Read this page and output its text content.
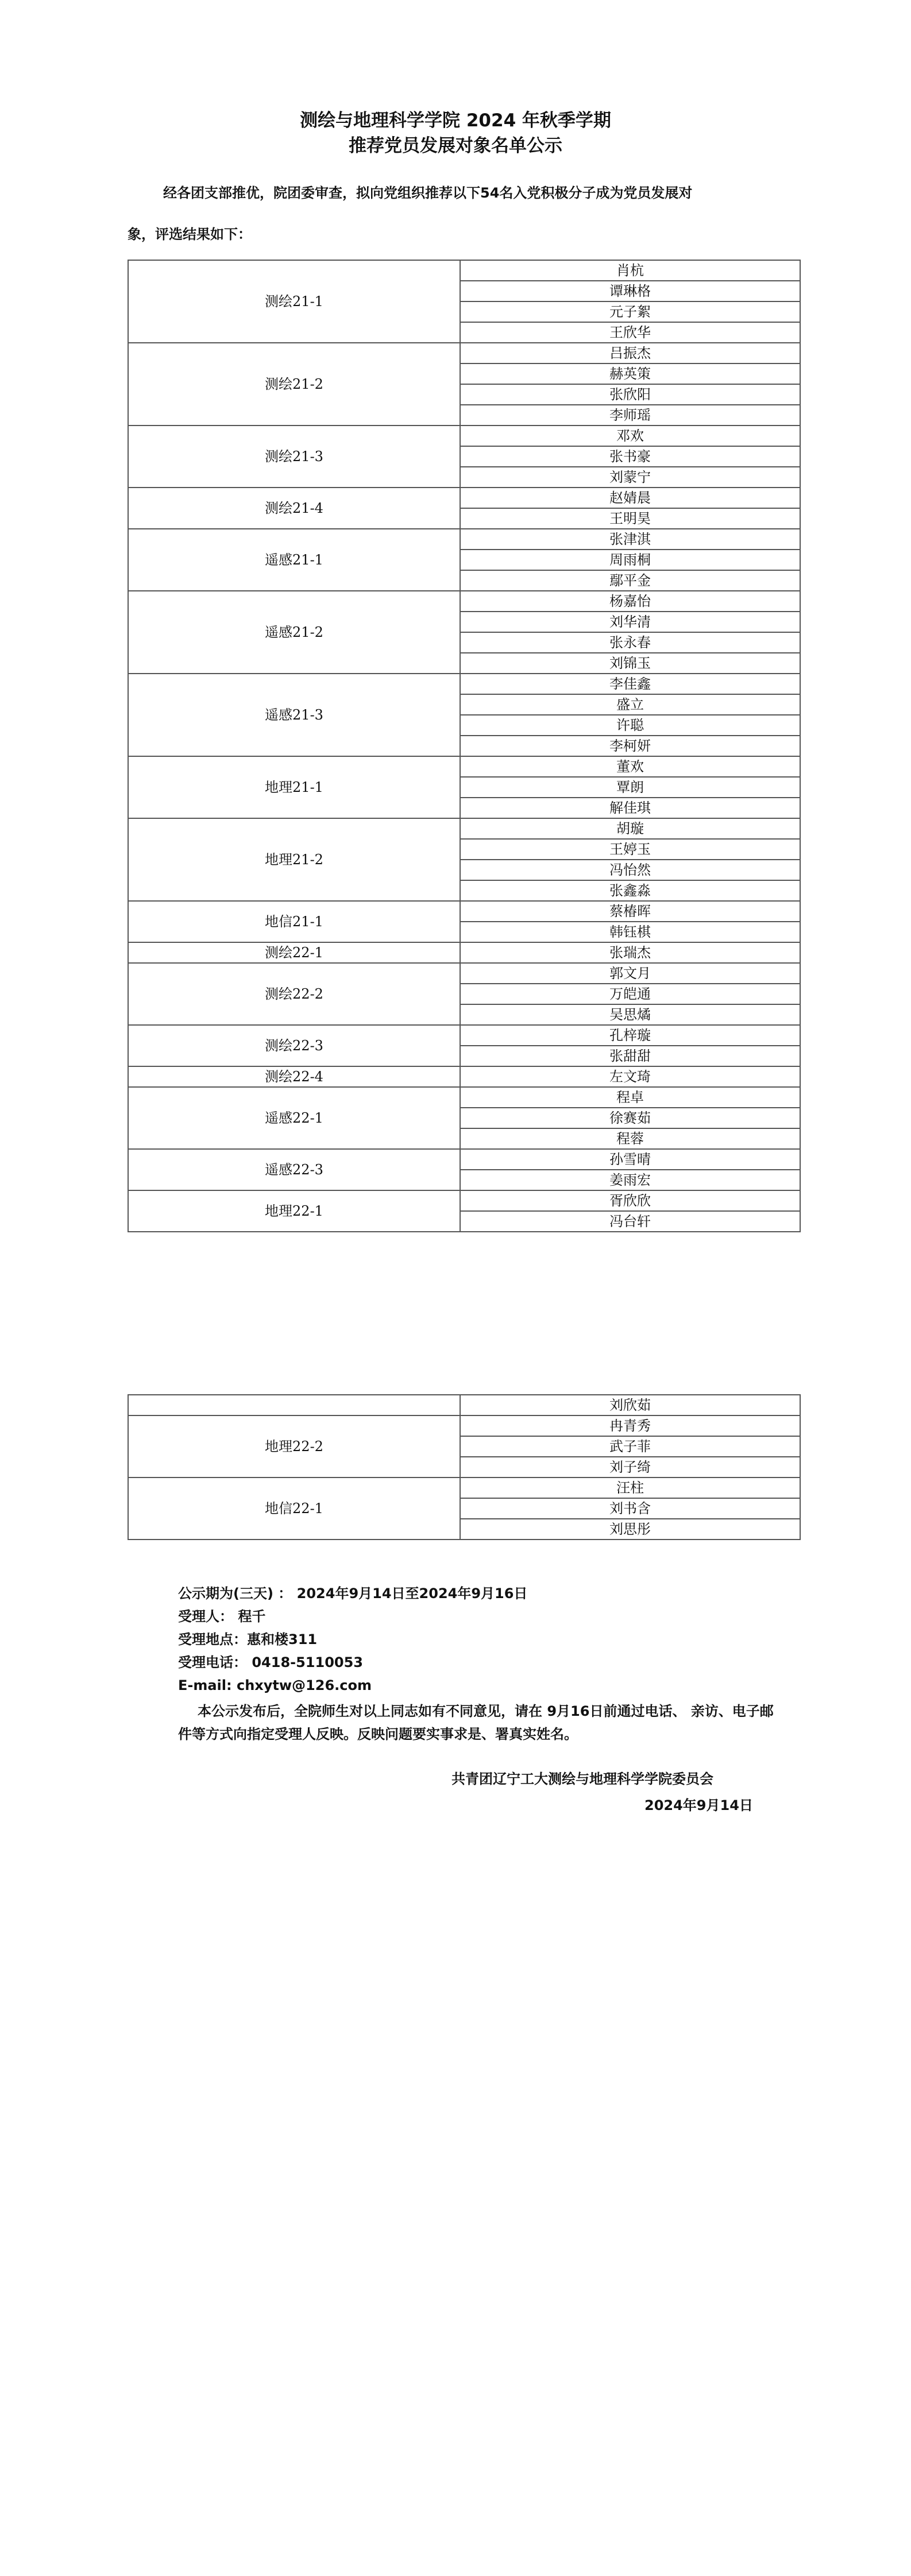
测绘与地理科学学院 2024 年秋季学期
推荐党员发展对象名单公示
经各团支部推优，院团委审查，拟向党组织推荐以下54名入党积极分子成为党员发展对
象，评选结果如下：
测绘21-1	肖杭
	谭琳格
	元子絮
	王欣华
测绘21-2	吕振杰
	赫英策
	张欣阳
	李师瑶
测绘21-3	邓欢
	张书豪
	刘蒙宁
测绘21-4	赵婧晨
	王明昊
遥感21-1	张津淇
	周雨桐
	鄢平金
遥感21-2	杨嘉怡
	刘华清
	张永春
	刘锦玉
遥感21-3	李佳鑫
	盛立
	许聪
	李柯妍
地理21-1	董欢
	覃朗
	解佳琪
地理21-2	胡璇
	王婷玉
	冯怡然
	张鑫淼
地信21-1	蔡椿晖
	韩钰棋
测绘22-1	张瑞杰
测绘22-2	郭文月
	万皑通
	吴思燏
测绘22-3	孔梓璇
	张甜甜
测绘22-4	左文琦
遥感22-1	程卓
	徐赛茹
	程蓉
遥感22-3	孙雪晴
	姜雨宏
地理22-1	胥欣欣
	冯台轩
	刘欣茹
地理22-2	冉青秀
	武子菲
	刘子绮
地信22-1	汪柱
	刘书含
	刘思彤
公示期为(三天) ： 2024年9月14日至2024年9月16日
受理人： 程千
受理地点：惠和楼311
受理电话： 0418-5110053
E-mail: chxytw@126.com
本公示发布后，全院师生对以上同志如有不同意见，请在 9月16日前通过电话、 亲访、电子邮件等方式向指定受理人反映。反映问题要实事求是、署真实姓名。
共青团辽宁工大测绘与地理科学学院委员会
2024年9月14日
